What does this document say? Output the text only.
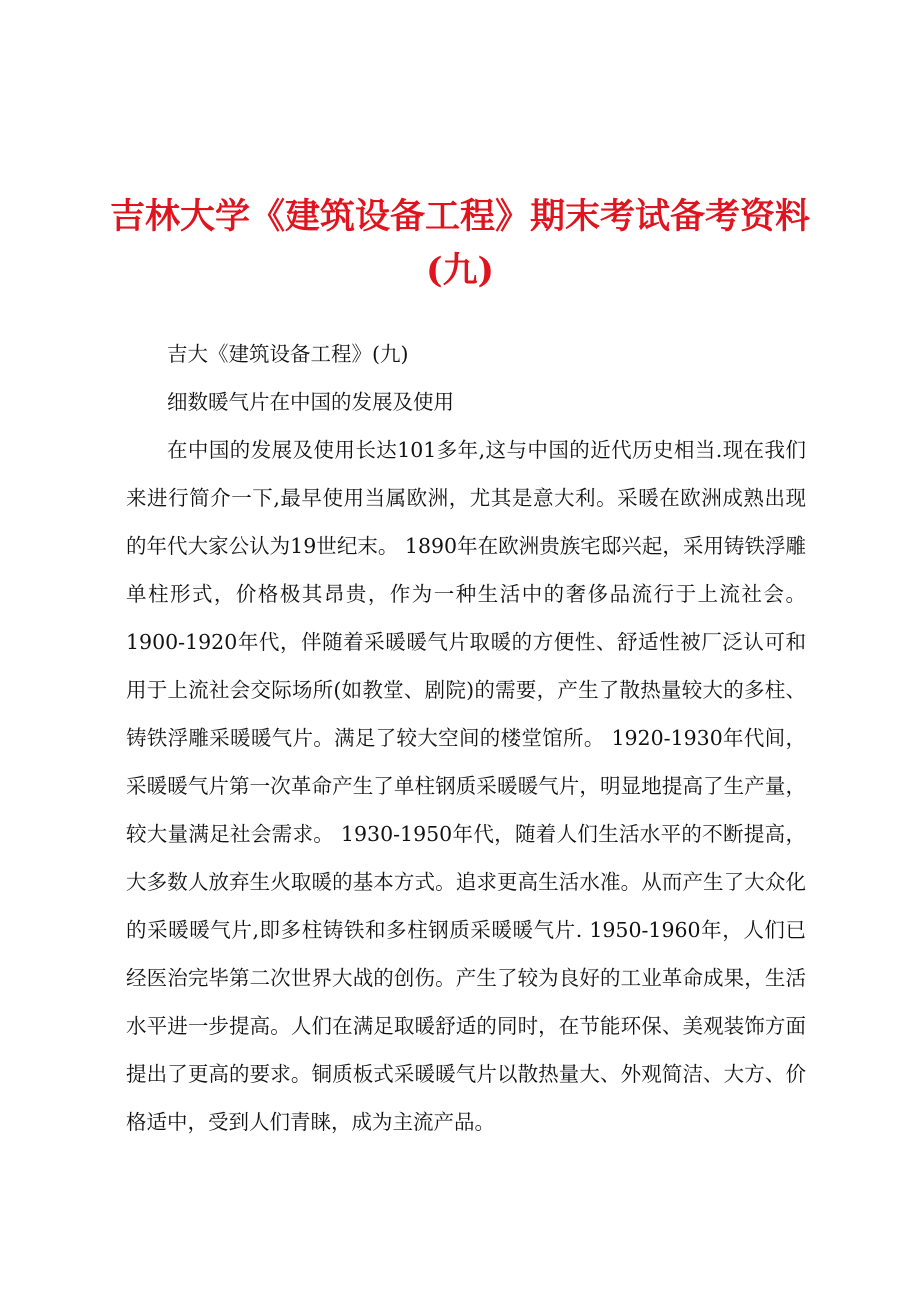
吉林大学《建筑设备工程》期末考试备考资料(九)

吉大《建筑设备工程》(九)

细数暖气片在中国的发展及使用

在中国的发展及使用长达101多年,这与中国的近代历史相当.现在我们来进行简介一下,最早使用当属欧洲，尤其是意大利。采暖在欧洲成熟出现的年代大家公认为19世纪末。 1890年在欧洲贵族宅邸兴起，采用铸铁浮雕单柱形式，价格极其昂贵，作为一种生活中的奢侈品流行于上流社会。 1900-1920年代，伴随着采暖暖气片取暖的方便性、舒适性被厂泛认可和用于上流社会交际场所(如教堂、剧院)的需要，产生了散热量较大的多柱、铸铁浮雕采暖暖气片。满足了较大空间的楼堂馆所。 1920-1930年代间，采暖暖气片第一次革命产生了单柱钢质采暖暖气片，明显地提高了生产量，较大量满足社会需求。 1930-1950年代，随着人们生活水平的不断提高，大多数人放弃生火取暖的基本方式。追求更高生活水准。从而产生了大众化的采暖暖气片,即多柱铸铁和多柱钢质采暖暖气片. 1950-1960年，人们已经医治完毕第二次世界大战的创伤。产生了较为良好的工业革命成果，生活水平进一步提高。人们在满足取暖舒适的同时，在节能环保、美观装饰方面提出了更高的要求。铜质板式采暖暖气片以散热量大、外观简洁、大方、价格适中，受到人们青睐，成为主流产品。
